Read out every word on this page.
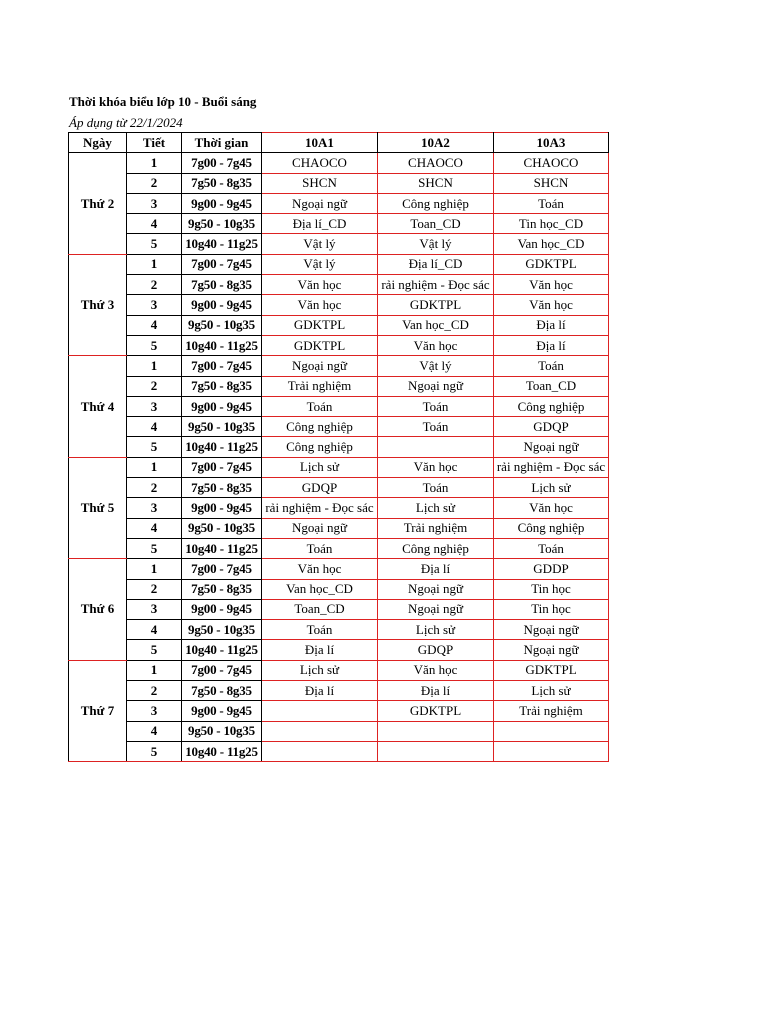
Thời khóa biểu lớp 10 - Buổi sáng
Áp dụng từ 22/1/2024
Ngày	Tiết	Thời gian	10A1	10A2	10A3
Thứ 2	1	7g00 - 7g45	CHAOCO	CHAOCO	CHAOCO
	2	7g50 - 8g35	SHCN	SHCN	SHCN
	3	9g00 - 9g45	Ngoại ngữ	Công nghiệp	Toán
	4	9g50 - 10g35	Địa lí_CD	Toan_CD	Tin học_CD
	5	10g40 - 11g25	Vật lý	Vật lý	Van học_CD
Thứ 3	1	7g00 - 7g45	Vật lý	Địa lí_CD	GDKTPL
	2	7g50 - 8g35	Văn học	rải nghiệm - Đọc sác	Văn học
	3	9g00 - 9g45	Văn học	GDKTPL	Văn học
	4	9g50 - 10g35	GDKTPL	Van học_CD	Địa lí
	5	10g40 - 11g25	GDKTPL	Văn học	Địa lí
Thứ 4	1	7g00 - 7g45	Ngoại ngữ	Vật lý	Toán
	2	7g50 - 8g35	Trải nghiệm	Ngoại ngữ	Toan_CD
	3	9g00 - 9g45	Toán	Toán	Công nghiệp
	4	9g50 - 10g35	Công nghiệp	Toán	GDQP
	5	10g40 - 11g25	Công nghiệp		Ngoại ngữ
Thứ 5	1	7g00 - 7g45	Lịch sử	Văn học	rải nghiệm - Đọc sác
	2	7g50 - 8g35	GDQP	Toán	Lịch sử
	3	9g00 - 9g45	rải nghiệm - Đọc sác	Lịch sử	Văn học
	4	9g50 - 10g35	Ngoại ngữ	Trải nghiệm	Công nghiệp
	5	10g40 - 11g25	Toán	Công nghiệp	Toán
Thứ 6	1	7g00 - 7g45	Văn học	Địa lí	GDDP
	2	7g50 - 8g35	Van học_CD	Ngoại ngữ	Tin học
	3	9g00 - 9g45	Toan_CD	Ngoại ngữ	Tin học
	4	9g50 - 10g35	Toán	Lịch sử	Ngoại ngữ
	5	10g40 - 11g25	Địa lí	GDQP	Ngoại ngữ
Thứ 7	1	7g00 - 7g45	Lịch sử	Văn học	GDKTPL
	2	7g50 - 8g35	Địa lí	Địa lí	Lịch sử
	3	9g00 - 9g45		GDKTPL	Trải nghiệm
	4	9g50 - 10g35			
	5	10g40 - 11g25			
